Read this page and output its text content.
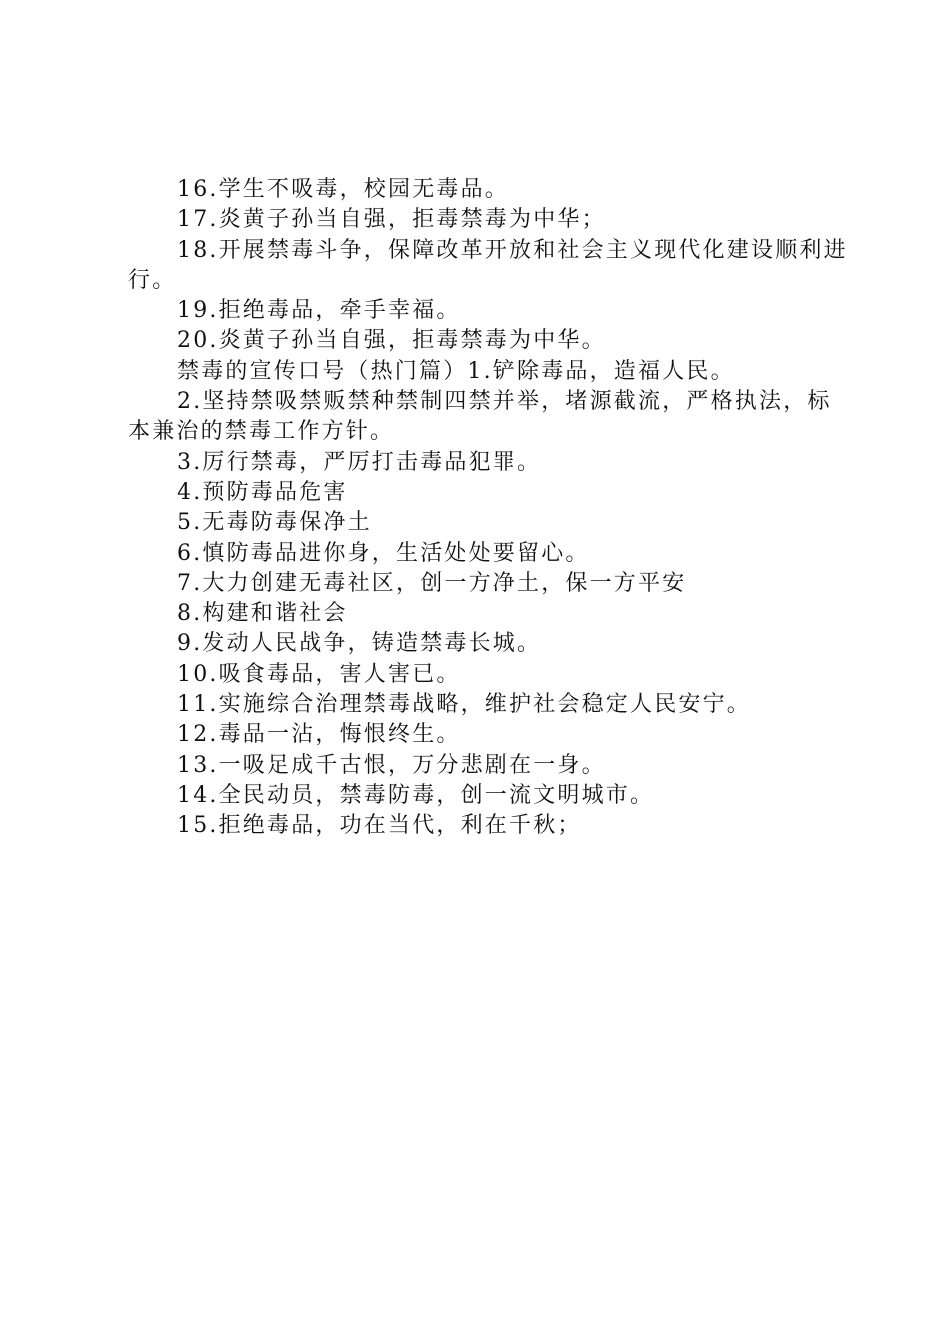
16.学生不吸毒，校园无毒品。

17.炎黄子孙当自强，拒毒禁毒为中华；

18.开展禁毒斗争，保障改革开放和社会主义现代化建设顺利进行。

19.拒绝毒品，牵手幸福。

20.炎黄子孙当自强，拒毒禁毒为中华。

禁毒的宣传口号（热门篇）1.铲除毒品，造福人民。

2.坚持禁吸禁贩禁种禁制四禁并举，堵源截流，严格执法，标本兼治的禁毒工作方针。

3.厉行禁毒，严厉打击毒品犯罪。

4.预防毒品危害

5.无毒防毒保净土

6.慎防毒品进你身，生活处处要留心。

7.大力创建无毒社区，创一方净土，保一方平安

8.构建和谐社会

9.发动人民战争，铸造禁毒长城。

10.吸食毒品，害人害已。

11.实施综合治理禁毒战略，维护社会稳定人民安宁。

12.毒品一沾，悔恨终生。

13.一吸足成千古恨，万分悲剧在一身。

14.全民动员，禁毒防毒，创一流文明城市。

15.拒绝毒品，功在当代，利在千秋；
